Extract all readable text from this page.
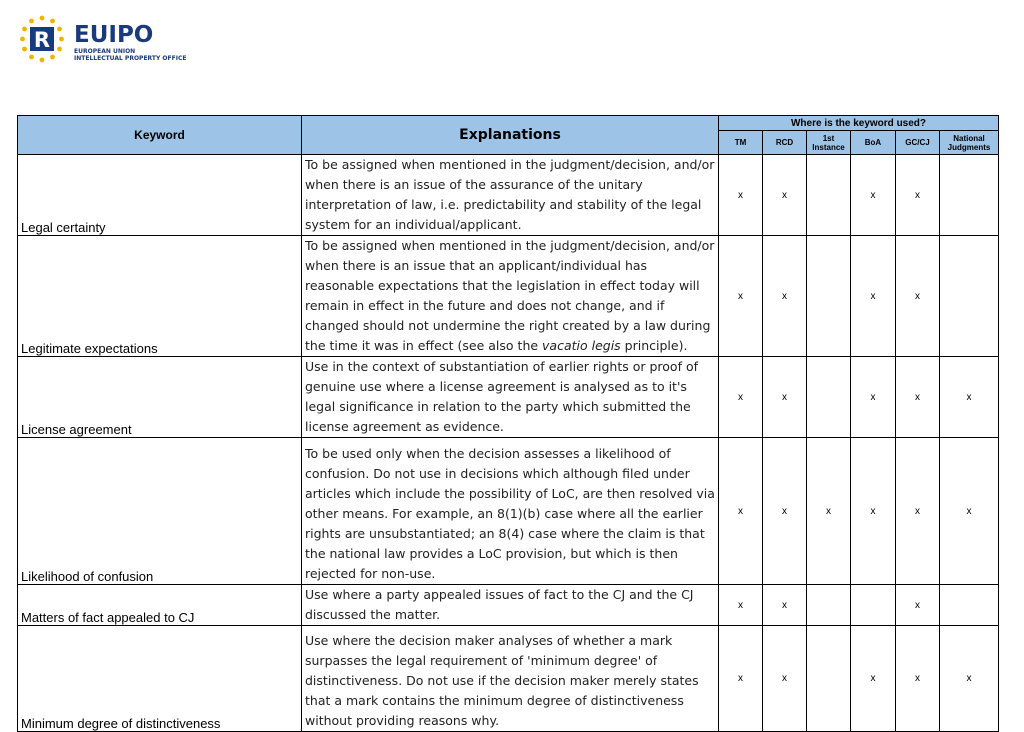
R EUIPO
EUROPEAN UNION
INTELLECTUAL PROPERTY OFFICE
Keyword	Explanations	Where is the keyword used?					
		TM	RCD	1st Instance	BoA	GC/CJ	National Judgments
Legal certainty	To be assigned when mentioned in the judgment/decision, and/or when there is an issue of the assurance of the unitary interpretation of law, i.e. predictability and stability of the legal system for an individual/applicant.	x	x		x	x	
Legitimate expectations	To be assigned when mentioned in the judgment/decision, and/or when there is an issue that an applicant/individual has reasonable expectations that the legislation in effect today will remain in effect in the future and does not change, and if changed should not undermine the right created by a law during the time it was in effect (see also the vacatio legis principle).	x	x		x	x	
License agreement	Use in the context of substantiation of earlier rights or proof of genuine use where a license agreement is analysed as to it's legal significance in relation to the party which submitted the license agreement as evidence.	x	x		x	x	x
Likelihood of confusion	To be used only when the decision assesses a likelihood of confusion. Do not use in decisions which although filed under articles which include the possibility of LoC, are then resolved via other means. For example, an 8(1)(b) case where all the earlier rights are unsubstantiated; an 8(4) case where the claim is that the national law provides a LoC provision, but which is then rejected for non-use.	x	x	x	x	x	x
Matters of fact appealed to CJ	Use where a party appealed issues of fact to the CJ and the CJ discussed the matter.	x	x			x	
Minimum degree of distinctiveness	Use where the decision maker analyses of whether a mark surpasses the legal requirement of 'minimum degree' of distinctiveness. Do not use if the decision maker merely states that a mark contains the minimum degree of distinctiveness without providing reasons why.	x	x		x	x	x
